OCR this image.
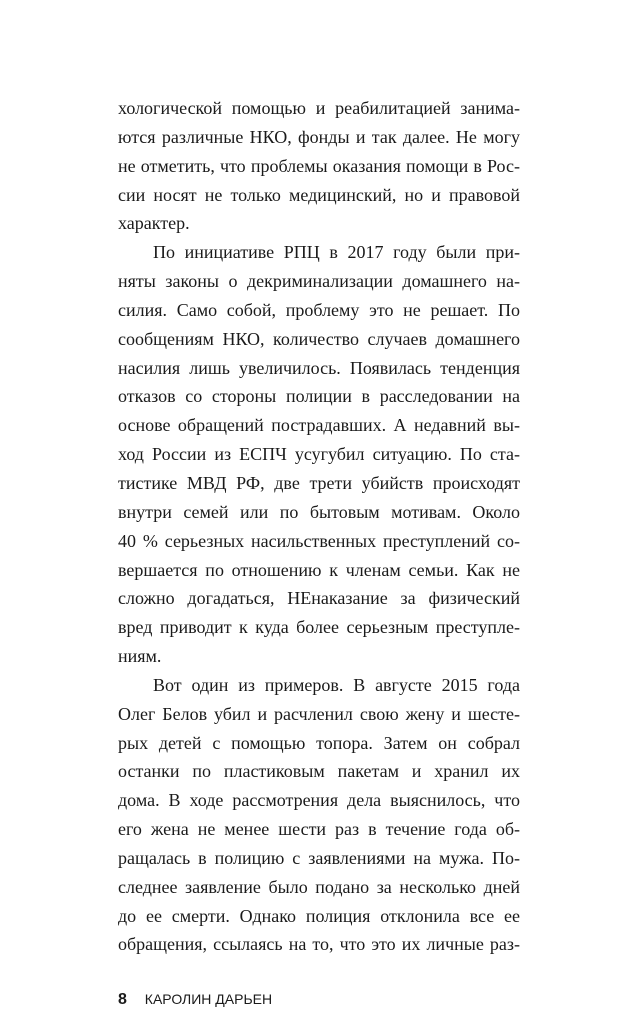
хологической помощью и реабилитацией занима-
ются различные НКО, фонды и так далее. Не могу
не отметить, что проблемы оказания помощи в Рос-
сии носят не только медицинский, но и правовой
характер.
По инициативе РПЦ в 2017 году были при-
няты законы о декриминализации домашнего на-
силия. Само собой, проблему это не решает. По
сообщениям НКО, количество случаев домашнего
насилия лишь увеличилось. Появилась тенденция
отказов со стороны полиции в расследовании на
основе обращений пострадавших. А недавний вы-
ход России из ЕСПЧ усугубил ситуацию. По ста-
тистике МВД РФ, две трети убийств происходят
внутри семей или по бытовым мотивам. Около
40 % серьезных насильственных преступлений со-
вершается по отношению к членам семьи. Как не
сложно догадаться, НЕнаказание за физический
вред приводит к куда более серьезным преступле-
ниям.
Вот один из примеров. В августе 2015 года
Олег Белов убил и расчленил свою жену и шесте-
рых детей с помощью топора. Затем он собрал
останки по пластиковым пакетам и хранил их
дома. В ходе рассмотрения дела выяснилось, что
его жена не менее шести раз в течение года об-
ращалась в полицию с заявлениями на мужа. По-
следнее заявление было подано за несколько дней
до ее смерти. Однако полиция отклонила все ее
обращения, ссылаясь на то, что это их личные раз-
8 КАРОЛИН ДАРЬЕН
